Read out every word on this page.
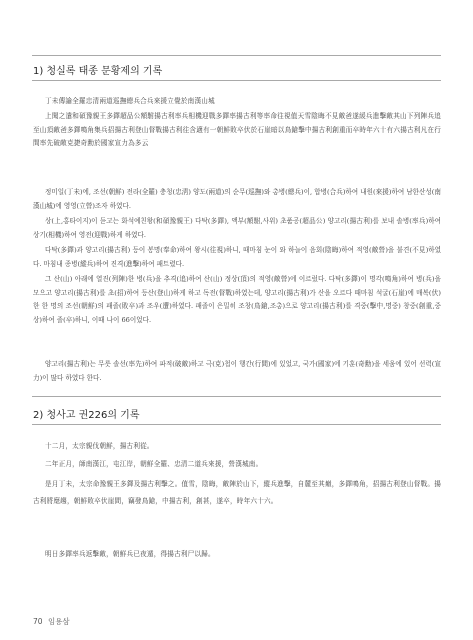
1) 청실록 태종 문황제의 기록

丁未傳諭全羅忠清兩道巡撫總兵合兵來援立覺於南漢山城

上聞之遣和碩豫親王多鐸超品公額駙揚古利率兵相機迎戰多鐸率揚古利等率命往視值天雪陰晦不見敵爸遂緩兵進擊敵其山下列陣兵追至山頂敵爸多鐸鳴角集兵招揚古利登山督戰揚古利往含適有一朝鮮敗卒伏於石崖暗以鳥鎗擊中揚古利創重而卒時年六十有六揚古利凡在行間率先破敵克捷奇勳於國家宣力為多云

정미일(丁未)에, 조선(朝鮮) 전라(全羅) 충청(忠淸) 양도(兩道)의 순무(巡撫)와 총병(總兵)이, 합병(合兵)하여 내원(來援)하여 남한산성(南漢山城)에 영영(立營)조자 하였다.

상(上,홍타이지)이 듣고는 화석예친왕(和碩豫親王) 다탁(多鐸), 액부(額駙,사위) 초품공(超品公) 양고리(揚古利)를 보내 솔병(率兵)하여 상기(相機)하여 영전(迎戰)하게 하였다.

다탁(多鐸)과 양고리(揚古利) 등이 봉명(奉命)하여 왕시(往視)하니, 때마침 눈이 와 하늘이 음회(陰晦)하여 적영(敵營)을 불견(不見)하였다. 마침내 종병(縱兵)하여 진격(進擊)하여 패트렸다.

그 산(山) 아래에 열진(列陣)한 병(兵)을 추격(追)하여 산(山) 정상(頂)의 적영(敵營)에 이르렀다. 다탁(多鐸)이 명각(鳴角)하여 병(兵)을 모으고 양고리(揚古利)를 초(招)하여 등산(登山)하게 하고 독전(督戰)하였는데, 양고리(揚古利)가 산을 오르다 때마침 석굴(石崖)에 매복(伏)한 한 명의 조선(朝鮮)의 패졸(敗卒)과 조우(遭)하였다. 패졸이 은밀히 조창(鳥鎗,조총)으로 양고리(揚古利)를 격중(擊中,명중) 창중(創重,중상)하여 졸(卒)하니, 이때 나이 66이었다.

양고리(揚古利)는 무릇 솔선(率先)하여 파적(破敵)하고 극(克)첩이 행간(行間)에 있었고, 국가(國家)에 기훈(奇勳)을 세움에 있어 선력(宣力)이 많다 하였다 한다.

2) 청사고 권226의 기록

十二月，太宗親伐朝鮮，揚古利從。

二年正月，師南漢江，屯江岸，朝鮮全羅、忠清二道兵來援，營漢城南。

是月丁未，太宗命豫親王多鐸及揚古利擊之。值雪，陰晦，敵陣於山下，縱兵進擊，自麓至其巔，多鐸鳴角，招揚古利登山督戰。揚古利將麾趨，朝鮮敗卒伏崖間，竊發鳥鎗，中揚古利，創甚，遂卒，時年六十六。

明日多鐸率兵返擊敵，朝鮮兵已夜遁，得揚古利尸以歸。

70 임용삼
